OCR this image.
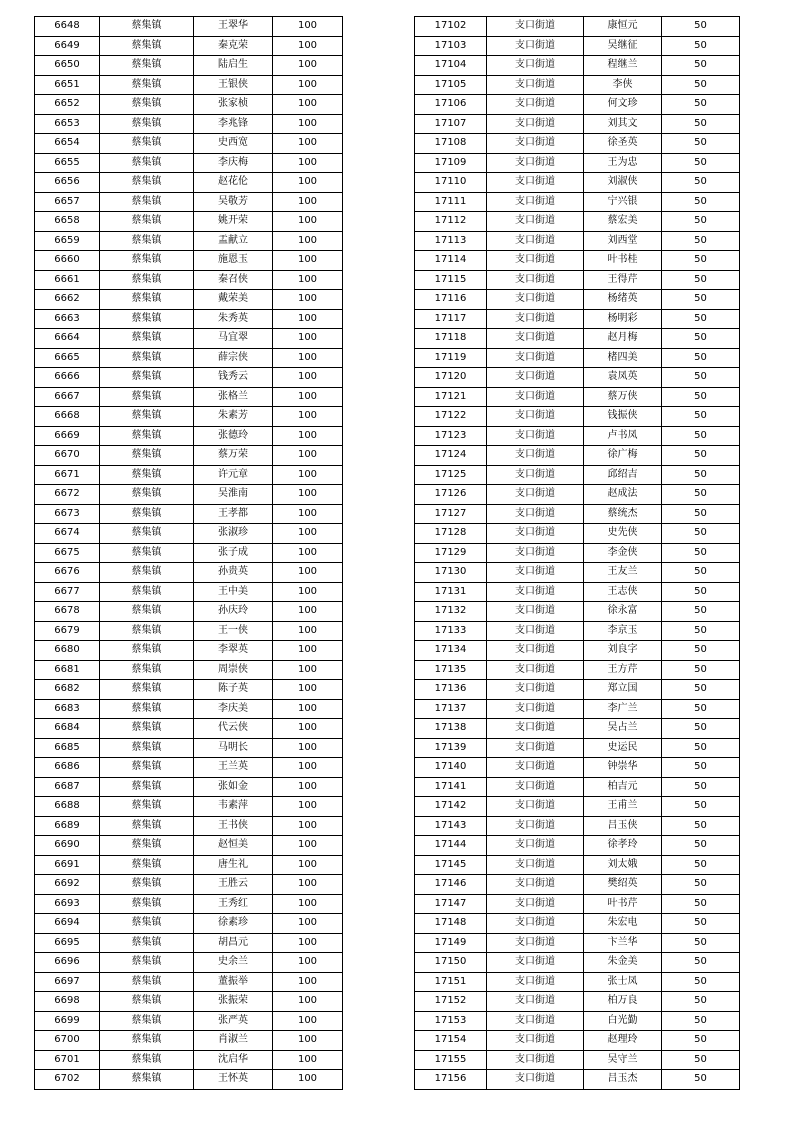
6648	蔡集镇	王翠华	100
6649	蔡集镇	秦克荣	100
6650	蔡集镇	陆启生	100
6651	蔡集镇	王银侠	100
6652	蔡集镇	张家桢	100
6653	蔡集镇	李兆锋	100
6654	蔡集镇	史西宽	100
6655	蔡集镇	李庆梅	100
6656	蔡集镇	赵花伦	100
6657	蔡集镇	吴敬芳	100
6658	蔡集镇	姚开荣	100
6659	蔡集镇	盂献立	100
6660	蔡集镇	施恩玉	100
6661	蔡集镇	秦召侠	100
6662	蔡集镇	戴荣美	100
6663	蔡集镇	朱秀英	100
6664	蔡集镇	马宜翠	100
6665	蔡集镇	薛宗侠	100
6666	蔡集镇	钱秀云	100
6667	蔡集镇	张格兰	100
6668	蔡集镇	朱素芳	100
6669	蔡集镇	张德玲	100
6670	蔡集镇	蔡万荣	100
6671	蔡集镇	许元章	100
6672	蔡集镇	吴淮南	100
6673	蔡集镇	王孝都	100
6674	蔡集镇	张淑珍	100
6675	蔡集镇	张子成	100
6676	蔡集镇	孙贵英	100
6677	蔡集镇	王中美	100
6678	蔡集镇	孙庆玲	100
6679	蔡集镇	王一侠	100
6680	蔡集镇	李翠英	100
6681	蔡集镇	周崇侠	100
6682	蔡集镇	陈子英	100
6683	蔡集镇	李庆美	100
6684	蔡集镇	代云侠	100
6685	蔡集镇	马明长	100
6686	蔡集镇	王兰英	100
6687	蔡集镇	张如金	100
6688	蔡集镇	韦素萍	100
6689	蔡集镇	王书侠	100
6690	蔡集镇	赵恒美	100
6691	蔡集镇	唐生礼	100
6692	蔡集镇	王胜云	100
6693	蔡集镇	王秀红	100
6694	蔡集镇	徐素珍	100
6695	蔡集镇	胡昌元	100
6696	蔡集镇	史余兰	100
6697	蔡集镇	董振举	100
6698	蔡集镇	张振荣	100
6699	蔡集镇	张严英	100
6700	蔡集镇	肖淑兰	100
6701	蔡集镇	沈启华	100
6702	蔡集镇	王怀英	100
17102	支口街道	康恒元	50
17103	支口街道	吴继征	50
17104	支口街道	程继兰	50
17105	支口街道	李侠	50
17106	支口街道	何文珍	50
17107	支口街道	刘其文	50
17108	支口街道	徐圣英	50
17109	支口街道	王为忠	50
17110	支口街道	刘淑侠	50
17111	支口街道	宁兴银	50
17112	支口街道	蔡宏美	50
17113	支口街道	刘西堂	50
17114	支口街道	叶书桂	50
17115	支口街道	王得芹	50
17116	支口街道	杨绪英	50
17117	支口街道	杨明彩	50
17118	支口街道	赵月梅	50
17119	支口街道	楮四美	50
17120	支口街道	袁凤英	50
17121	支口街道	蔡万侠	50
17122	支口街道	钱振侠	50
17123	支口街道	卢书凤	50
17124	支口街道	徐广梅	50
17125	支口街道	邱绍吉	50
17126	支口街道	赵成法	50
17127	支口街道	蔡统杰	50
17128	支口街道	史先侠	50
17129	支口街道	李金侠	50
17130	支口街道	王友兰	50
17131	支口街道	王志侠	50
17132	支口街道	徐永富	50
17133	支口街道	李京玉	50
17134	支口街道	刘良字	50
17135	支口街道	王方芹	50
17136	支口街道	郑立国	50
17137	支口街道	李广兰	50
17138	支口街道	吴占兰	50
17139	支口街道	史运民	50
17140	支口街道	钟崇华	50
17141	支口街道	柏吉元	50
17142	支口街道	王甫兰	50
17143	支口街道	吕玉侠	50
17144	支口街道	徐孝玲	50
17145	支口街道	刘太娥	50
17146	支口街道	樊绍英	50
17147	支口街道	叶书芹	50
17148	支口街道	朱宏电	50
17149	支口街道	卞兰华	50
17150	支口街道	朱金美	50
17151	支口街道	张士凤	50
17152	支口街道	柏万良	50
17153	支口街道	白光勤	50
17154	支口街道	赵理玲	50
17155	支口街道	吴守兰	50
17156	支口街道	吕玉杰	50
